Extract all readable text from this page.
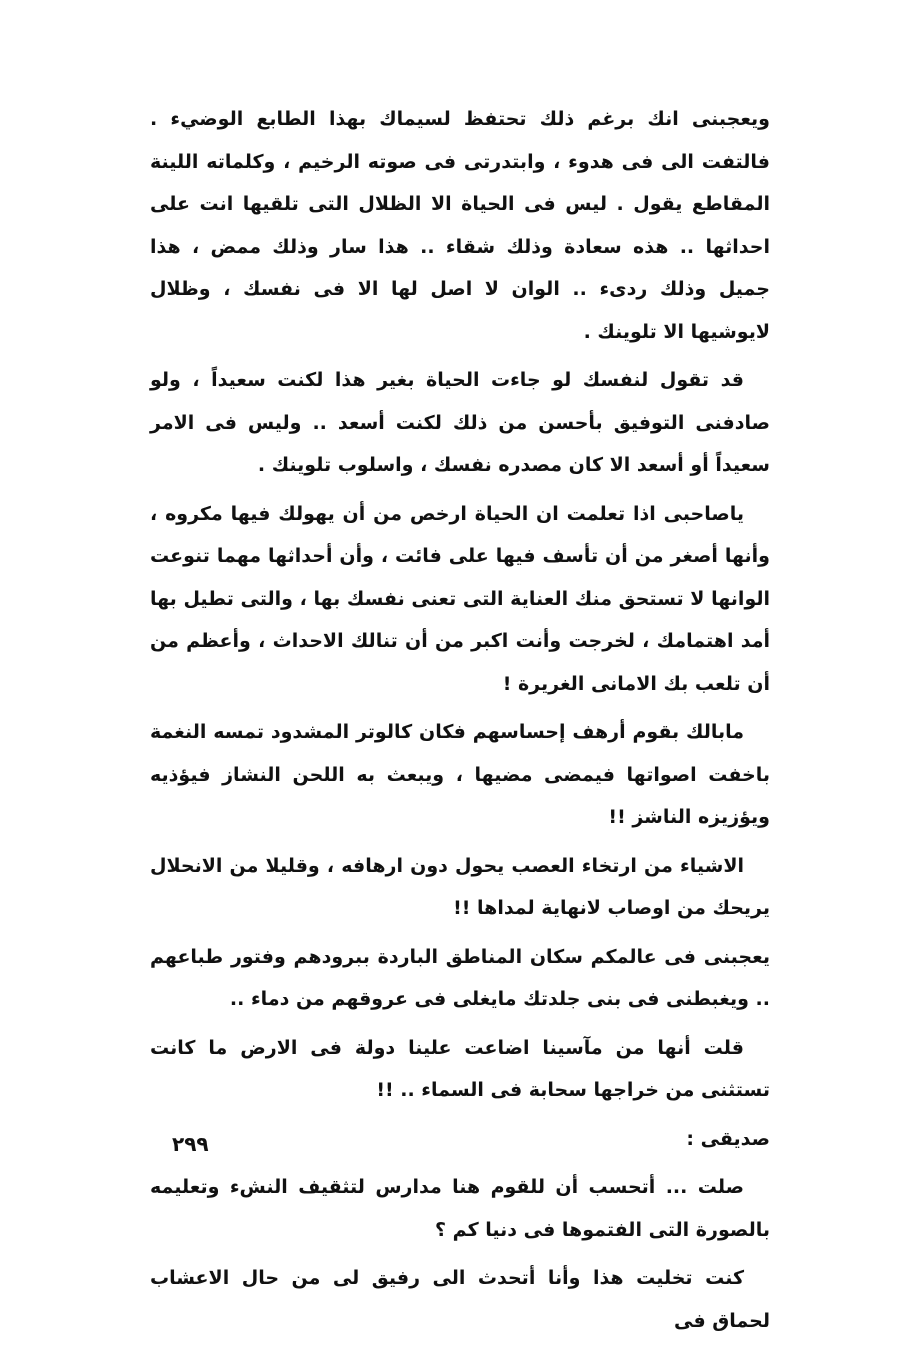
ويعجبنى انك برغم ذلك تحتفظ لسيماك بهذا الطابع الوضيء . فالتفت الى فى هدوء ، وابتدرتى فى صوته الرخيم ، وكلماته اللينة المقاطع يقول . ليس فى الحياة الا الظلال التى تلقيها انت على احداثها .. هذه سعادة وذلك شقاء .. هذا سار وذلك ممض ، هذا جميل وذلك ردىء .. الوان لا اصل لها الا فى نفسك ، وظلال لايوشيها الا تلوينك .

قد تقول لنفسك لو جاءت الحياة بغير هذا لكنت سعيداً ، ولو صادفنى التوفيق بأحسن من ذلك لكنت أسعد .. وليس فى الامر سعيداً أو أسعد الا كان مصدره نفسك ، واسلوب تلوينك .

ياصاحبى اذا تعلمت ان الحياة ارخص من أن يهولك فيها مكروه ، وأنها أصغر من أن تأسف فيها على فائت ، وأن أحداثها مهما تنوعت الوانها لا تستحق منك العناية التى تعنى نفسك بها ، والتى تطيل بها أمد اهتمامك ، لخرجت وأنت اكبر من أن تنالك الاحداث ، وأعظم من أن تلعب بك الامانى الغريرة !

مابالك بقوم أرهف إحساسهم فكان كالوتر المشدود تمسه النغمة باخفت اصواتها فيمضى مضيها ، ويبعث به اللحن النشاز فيؤذيه ويؤزيزه الناشز !!

الاشياء من ارتخاء العصب يحول دون ارهافه ، وقليلا من الانحلال يريحك من اوصاب لانهاية لمداها !!

يعجبنى فى عالمكم سكان المناطق الباردة ببرودهم وفتور طباعهم .. ويغبطنى فى بنى جلدتك مايغلى فى عروقهم من دماء ..

قلت أنها من مآسينا اضاعت علينا دولة فى الارض ما كانت تستثنى من خراجها سحابة فى السماء .. !!

صديقى :

صلت ... أتحسب أن للقوم هنا مدارس لتثقيف النشء وتعليمه بالصورة التى الفتموها فى دنيا كم ؟

كنت تخليت هذا وأنا أتحدث الى رفيق لى من حال الاعشاب لحماق فى

٢٩٩
